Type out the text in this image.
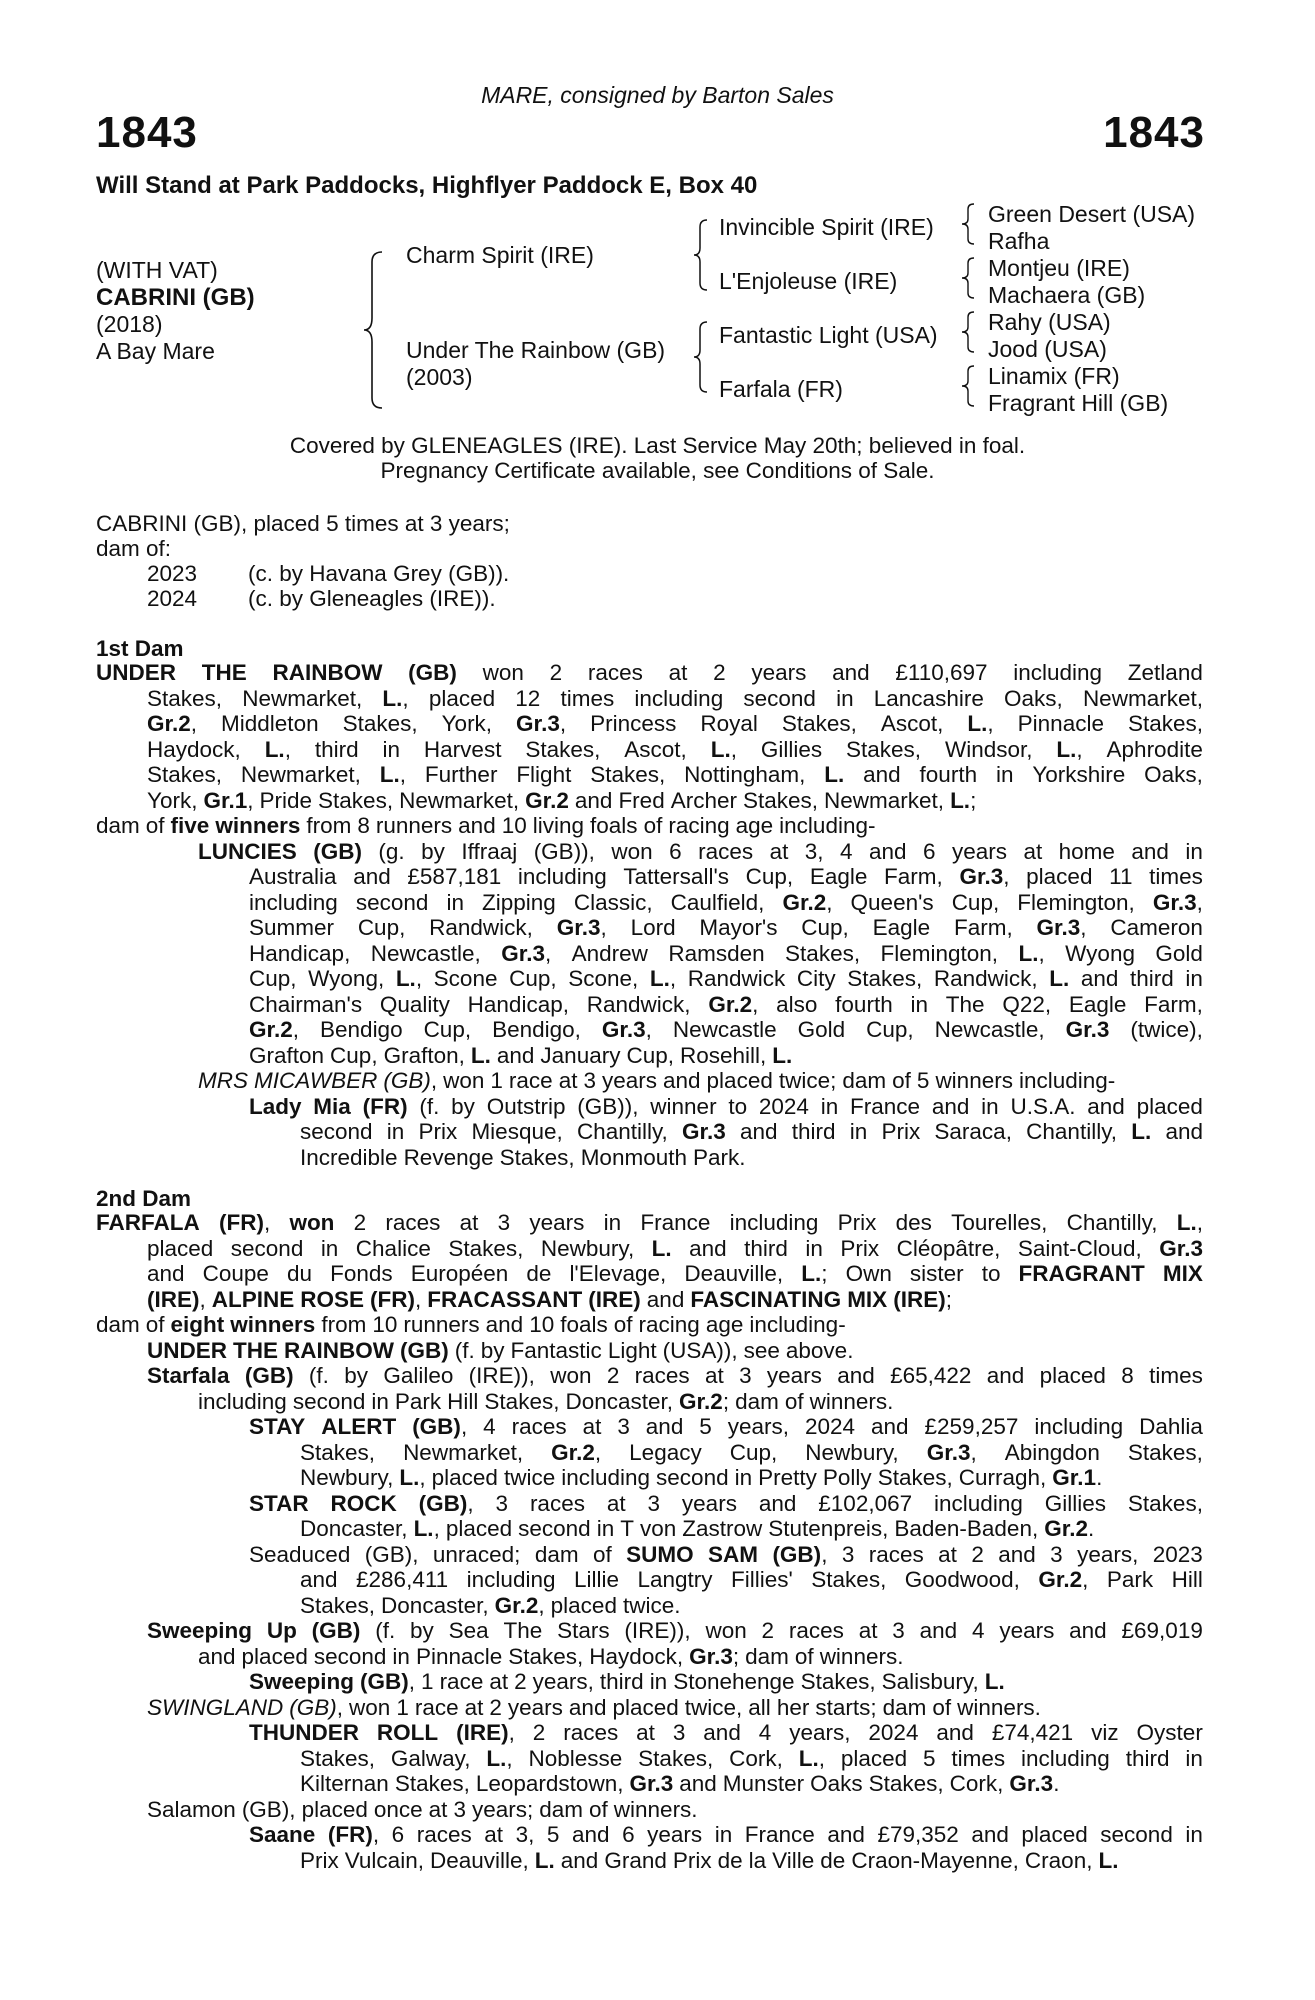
MARE, consigned by Barton Sales
1843	1843
Will Stand at Park Paddocks, Highflyer Paddock E, Box 40
(WITH VAT)
CABRINI (GB)
(2018)
A Bay Mare
Charm Spirit (IRE)
Under The Rainbow (GB)
(2003)
Invincible Spirit (IRE)
L'Enjoleuse (IRE)
Fantastic Light (USA)
Farfala (FR)
Green Desert (USA)
Rafha
Montjeu (IRE)
Machaera (GB)
Rahy (USA)
Jood (USA)
Linamix (FR)
Fragrant Hill (GB)
Covered by GLENEAGLES (IRE). Last Service May 20th; believed in foal.
Pregnancy Certificate available, see Conditions of Sale.
CABRINI (GB), placed 5 times at 3 years;
dam of:
2023 (c. by Havana Grey (GB)).
2024 (c. by Gleneagles (IRE)).
1st Dam
UNDER THE RAINBOW (GB) won 2 races at 2 years and £110,697 including Zetland
Stakes, Newmarket, L., placed 12 times including second in Lancashire Oaks, Newmarket,
Gr.2, Middleton Stakes, York, Gr.3, Princess Royal Stakes, Ascot, L., Pinnacle Stakes,
Haydock, L., third in Harvest Stakes, Ascot, L., Gillies Stakes, Windsor, L., Aphrodite
Stakes, Newmarket, L., Further Flight Stakes, Nottingham, L. and fourth in Yorkshire Oaks,
York, Gr.1, Pride Stakes, Newmarket, Gr.2 and Fred Archer Stakes, Newmarket, L.;
dam of five winners from 8 runners and 10 living foals of racing age including-
LUNCIES (GB) (g. by Iffraaj (GB)), won 6 races at 3, 4 and 6 years at home and in
Australia and £587,181 including Tattersall's Cup, Eagle Farm, Gr.3, placed 11 times
including second in Zipping Classic, Caulfield, Gr.2, Queen's Cup, Flemington, Gr.3,
Summer Cup, Randwick, Gr.3, Lord Mayor's Cup, Eagle Farm, Gr.3, Cameron
Handicap, Newcastle, Gr.3, Andrew Ramsden Stakes, Flemington, L., Wyong Gold
Cup, Wyong, L., Scone Cup, Scone, L., Randwick City Stakes, Randwick, L. and third in
Chairman's Quality Handicap, Randwick, Gr.2, also fourth in The Q22, Eagle Farm,
Gr.2, Bendigo Cup, Bendigo, Gr.3, Newcastle Gold Cup, Newcastle, Gr.3 (twice),
Grafton Cup, Grafton, L. and January Cup, Rosehill, L.
MRS MICAWBER (GB), won 1 race at 3 years and placed twice; dam of 5 winners including-
Lady Mia (FR) (f. by Outstrip (GB)), winner to 2024 in France and in U.S.A. and placed
second in Prix Miesque, Chantilly, Gr.3 and third in Prix Saraca, Chantilly, L. and
Incredible Revenge Stakes, Monmouth Park.
2nd Dam
FARFALA (FR), won 2 races at 3 years in France including Prix des Tourelles, Chantilly, L.,
placed second in Chalice Stakes, Newbury, L. and third in Prix Cléopâtre, Saint-Cloud, Gr.3
and Coupe du Fonds Européen de l'Elevage, Deauville, L.; Own sister to FRAGRANT MIX
(IRE), ALPINE ROSE (FR), FRACASSANT (IRE) and FASCINATING MIX (IRE);
dam of eight winners from 10 runners and 10 foals of racing age including-
UNDER THE RAINBOW (GB) (f. by Fantastic Light (USA)), see above.
Starfala (GB) (f. by Galileo (IRE)), won 2 races at 3 years and £65,422 and placed 8 times
including second in Park Hill Stakes, Doncaster, Gr.2; dam of winners.
STAY ALERT (GB), 4 races at 3 and 5 years, 2024 and £259,257 including Dahlia
Stakes, Newmarket, Gr.2, Legacy Cup, Newbury, Gr.3, Abingdon Stakes,
Newbury, L., placed twice including second in Pretty Polly Stakes, Curragh, Gr.1.
STAR ROCK (GB), 3 races at 3 years and £102,067 including Gillies Stakes,
Doncaster, L., placed second in T von Zastrow Stutenpreis, Baden-Baden, Gr.2.
Seaduced (GB), unraced; dam of SUMO SAM (GB), 3 races at 2 and 3 years, 2023
and £286,411 including Lillie Langtry Fillies' Stakes, Goodwood, Gr.2, Park Hill
Stakes, Doncaster, Gr.2, placed twice.
Sweeping Up (GB) (f. by Sea The Stars (IRE)), won 2 races at 3 and 4 years and £69,019
and placed second in Pinnacle Stakes, Haydock, Gr.3; dam of winners.
Sweeping (GB), 1 race at 2 years, third in Stonehenge Stakes, Salisbury, L.
SWINGLAND (GB), won 1 race at 2 years and placed twice, all her starts; dam of winners.
THUNDER ROLL (IRE), 2 races at 3 and 4 years, 2024 and £74,421 viz Oyster
Stakes, Galway, L., Noblesse Stakes, Cork, L., placed 5 times including third in
Kilternan Stakes, Leopardstown, Gr.3 and Munster Oaks Stakes, Cork, Gr.3.
Salamon (GB), placed once at 3 years; dam of winners.
Saane (FR), 6 races at 3, 5 and 6 years in France and £79,352 and placed second in
Prix Vulcain, Deauville, L. and Grand Prix de la Ville de Craon-Mayenne, Craon, L.
